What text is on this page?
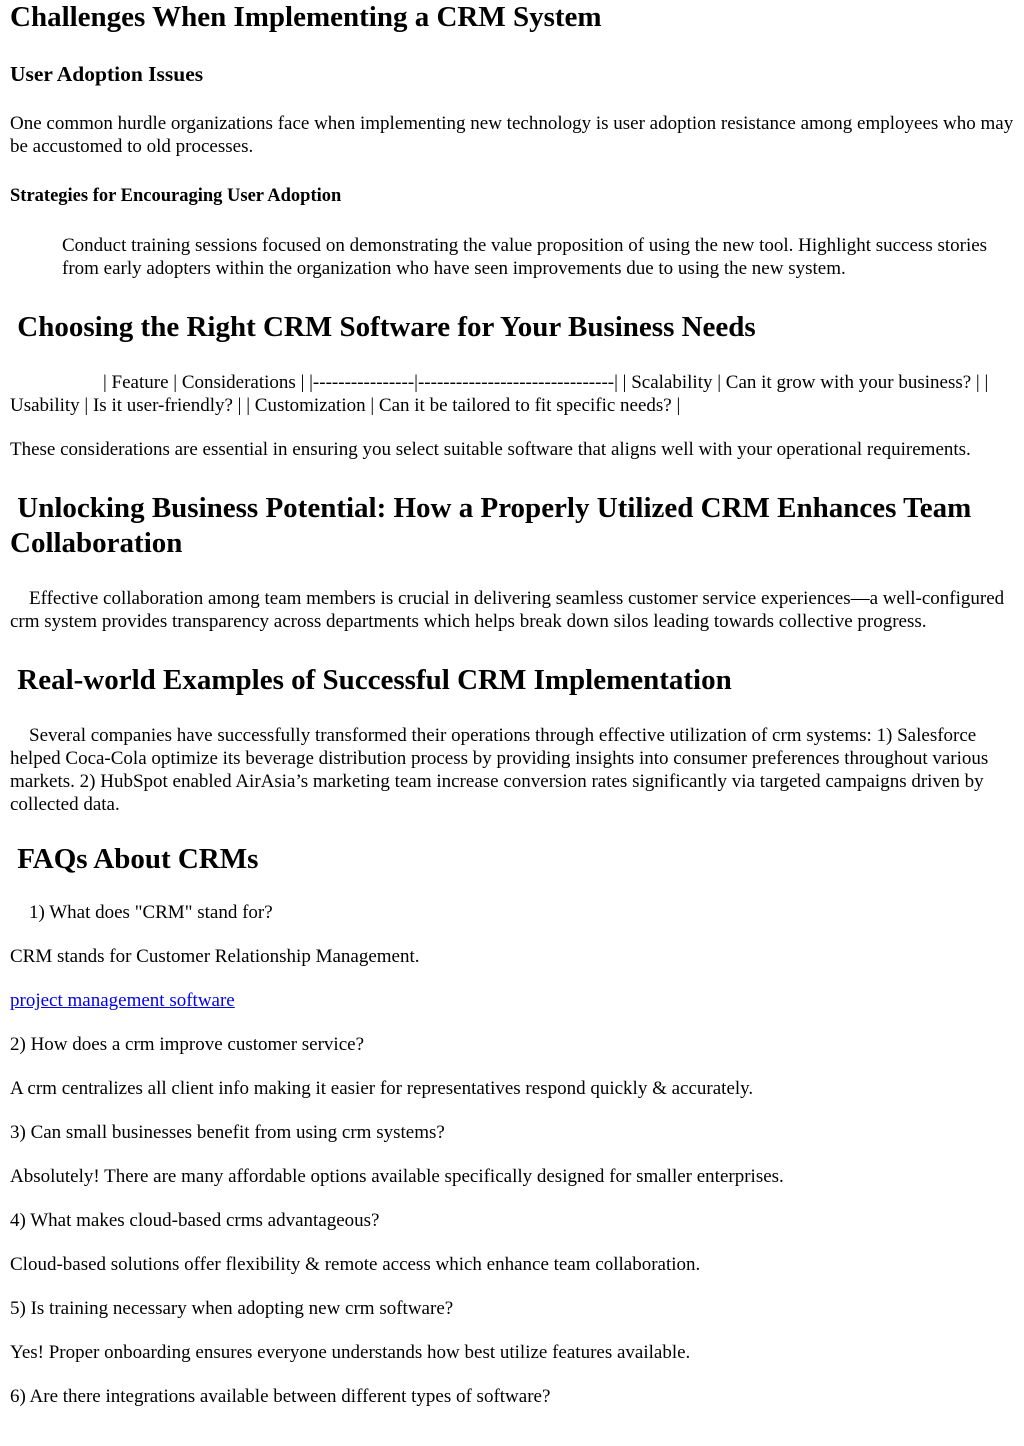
Challenges When Implementing a CRM System
User Adoption Issues

One common hurdle organizations face when implementing new technology is user adoption resistance among employees who may be accustomed to old processes.

Strategies for Encouraging User Adoption
Conduct training sessions focused on demonstrating the value proposition of using the new tool. Highlight success stories from early adopters within the organization who have seen improvements due to using the new system.
Choosing the Right CRM Software for Your Business Needs

| Feature | Considerations | |----------------|-------------------------------| | Scalability | Can it grow with your business? | | Usability | Is it user-friendly? | | Customization | Can it be tailored to fit specific needs? |

These considerations are essential in ensuring you select suitable software that aligns well with your operational requirements.

Unlocking Business Potential: How a Properly Utilized CRM Enhances Team Collaboration

Effective collaboration among team members is crucial in delivering seamless customer service experiences—a well-configured crm system provides transparency across departments which helps break down silos leading towards collective progress.

Real-world Examples of Successful CRM Implementation

Several companies have successfully transformed their operations through effective utilization of crm systems: 1) Salesforce helped Coca-Cola optimize its beverage distribution process by providing insights into consumer preferences throughout various markets. 2) HubSpot enabled AirAsia’s marketing team increase conversion rates significantly via targeted campaigns driven by collected data.

FAQs About CRMs

1) What does "CRM" stand for?

CRM stands for Customer Relationship Management.

project management software

2) How does a crm improve customer service?

A crm centralizes all client info making it easier for representatives respond quickly & accurately.

3) Can small businesses benefit from using crm systems?

Absolutely! There are many affordable options available specifically designed for smaller enterprises.

4) What makes cloud-based crms advantageous?

Cloud-based solutions offer flexibility & remote access which enhance team collaboration.

5) Is training necessary when adopting new crm software?

Yes! Proper onboarding ensures everyone understands how best utilize features available.

6) Are there integrations available between different types of software?
